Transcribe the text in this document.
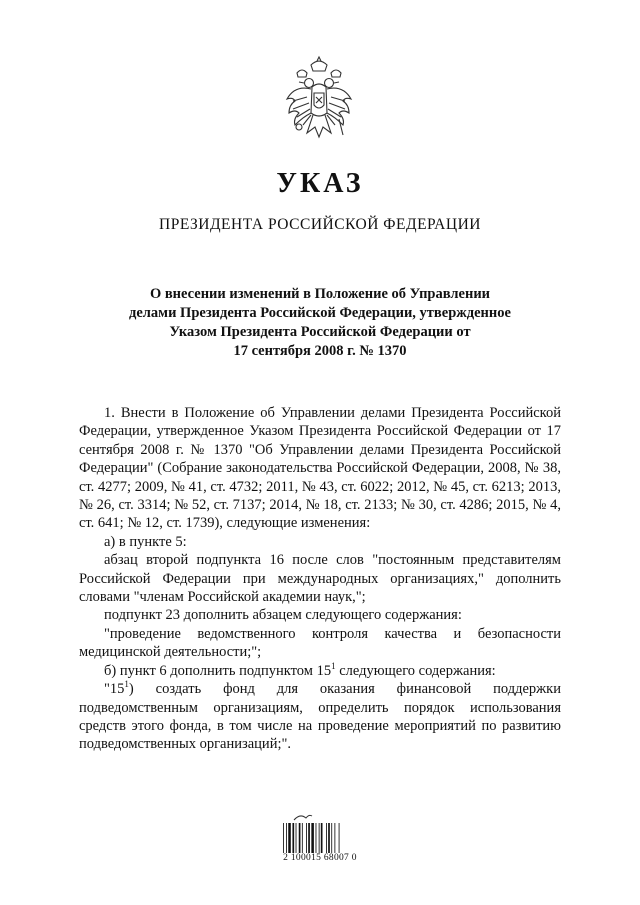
УКАЗ
ПРЕЗИДЕНТА РОССИЙСКОЙ ФЕДЕРАЦИИ
О внесении изменений в Положение об Управлении
делами Президента Российской Федерации, утвержденное
Указом Президента Российской Федерации от
17 сентября 2008 г. № 1370

1. Внести в Положение об Управлении делами Президента Российской Федерации, утвержденное Указом Президента Российской Федерации от 17 сентября 2008 г. № 1370 "Об Управлении делами Президента Российской Федерации" (Собрание законодательства Российской Федерации, 2008, № 38, ст. 4277; 2009, № 41, ст. 4732; 2011, № 43, ст. 6022; 2012, № 45, ст. 6213; 2013, № 26, ст. 3314; № 52, ст. 7137; 2014, № 18, ст. 2133; № 30, ст. 4286; 2015, № 4, ст. 641; № 12, ст. 1739), следующие изменения:

а) в пункте 5:

абзац второй подпункта 16 после слов "постоянным представителям Российской Федерации при международных организациях," дополнить словами "членам Российской академии наук,";

подпункт 23 дополнить абзацем следующего содержания:

"проведение ведомственного контроля качества и безопасности медицинской деятельности;";

б) пункт 6 дополнить подпунктом $15^1$ следующего содержания:

"$15^1$) создать фонд для оказания финансовой поддержки подведомственным организациям, определить порядок использования средств этого фонда, в том числе на проведение мероприятий по развитию подведомственных организаций;".

2 100015 68007 0
